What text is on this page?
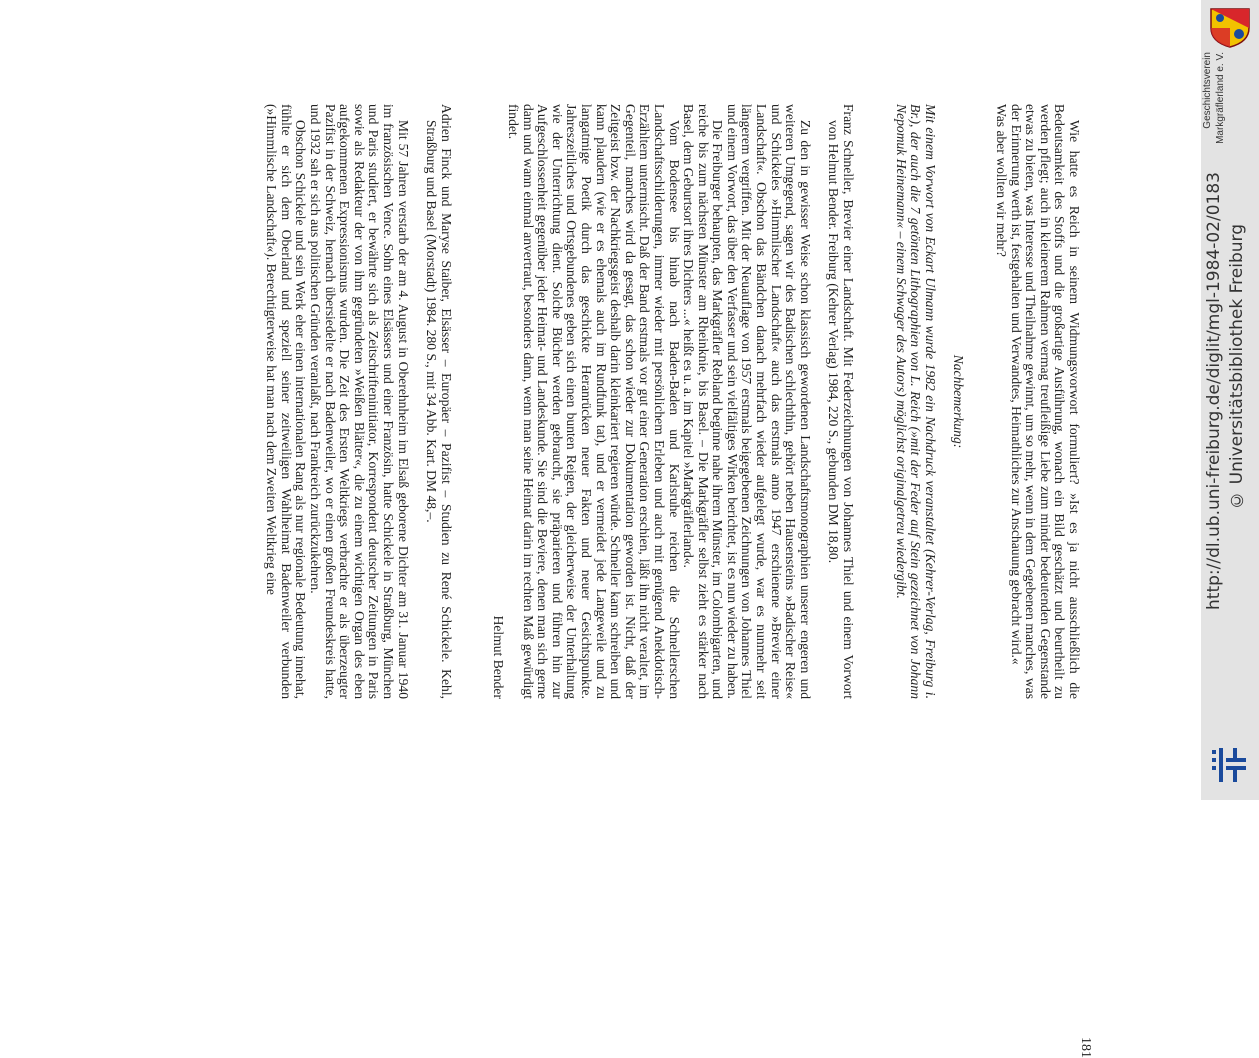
Wie hatte es Reich in seinem Widmungsvorwort formuliert? »Ist es ja nicht ausschließlich die Bedeutsamkeit des Stoffs und die großartige Ausführung, wonach ein Bild geschätzt und beurtheilt zu werden pflegt; auch in kleinerem Rahmen vermag treufleißige Liebe zum minder bedeutenden Gegenstande etwas zu bieten, was Interesse und Theilnahme gewinnt, um so mehr, wenn in dem Gegebenen manches, was der Erinnerung werth ist, festgehalten und Verwandtes, Heimathliches zur Anschauung gebracht wird.«

Was aber wollten wir mehr?

Nachbemerkung:

Mit einem Vorwort von Eckart Ulmann wurde 1982 ein Nachdruck veranstaltet (Kehrer-Verlag, Freiburg i. Br.), der auch die 7 getönten Lithographien von L. Reich (»mit der Feder auf Stein gezeichnet von Johann Nepomuk Heinemann« – einem Schwager des Autors) möglichst originalgetreu wiedergibt.

Franz Schneller, Brevier einer Landschaft. Mit Federzeichnungen von Johannes Thiel und einem Vorwort von Helmut Bender. Freiburg (Kehrer Verlag) 1984, 220 S., gebunden DM 18,80.

Zu den in gewisser Weise schon klassisch gewordenen Landschaftsmonographien unserer engeren und weiteren Umgegend, sagen wir des Badischen schlechthin, gehört neben Hausensteins »Badischer Reise« und Schickeles »Himmlischer Landschaft« auch das erstmals anno 1947 erschienene »Brevier einer Landschaft«. Obschon das Bändchen danach mehrfach wieder aufgelegt wurde, war es nunmehr seit längerem vergriffen. Mit der Neuauflage von 1957 erstmals beigegebenen Zeichnungen von Johannes Thiel und einem Vorwort, das über den Verfasser und sein vielfältiges Wirken berichtet, ist es nun wieder zu haben.

Die Freiburger behaupten, das Markgräfler Rebland beginne nahe ihrem Münster, im Colombigarten, und reiche bis zum nächsten Münster am Rheinknie, bis Basel. – Die Markgräfler selbst zieht es stärker nach Basel, dem Geburtsort ihres Dichters ...« heißt es u. a. im Kapitel »Markgräflerland«.

Vom Bodensee bis hinab nach Baden-Baden und Karlsruhe reichen die Schnellerschen Landschaftsschilderungen, immer wieder mit persönlichem Erleben und auch mit genügend Anekdotisch-Erzähltem untermischt. Daß der Band erstmals vor gut einer Generation erschien, läßt ihn nicht veraltet, im Gegenteil, manches wird da gesagt, das schon wieder zur Dokumentation geworden ist. Nicht, daß der Zeitgeist bzw. der Nachkriegsgeist deshalb darin kleinkariert regieren würde. Schneller kann schreiben und kann plaudern (wie er es ehemals auch im Rundfunk tat), und er vermeidet jede Langeweile und zu langatmige Poetik durch das geschickte Heranrücken neuer Fakten und neuer Gesichtspunkte. Jahreszeitliches und Ortsgebundenes geben sich einen bunten Reigen, der gleicherweise der Unterhaltung wie der Unterrichtung dient. Solche Bücher werden gebraucht, sie präparieren und führen hin zur Aufgeschlossenheit gegenüber jeder Heimat- und Landeskunde. Sie sind die Beviere, denen man sich gerne dann und wann einmal anvertraut, besonders dann, wenn man seine Heimat darin im rechten Maß gewürdigt findet.

Helmut Bender

Adrien Finck und Maryse Staiber, Elsässer – Europäer – Pazifist – Studien zu René Schickele. Kehl, Straßburg und Basel (Morstadt) 1984. 280 S., mit 34 Abb. Kart. DM 48,–.

Mit 57 Jahren verstarb der am 4. August in Oberehnheim im Elsaß geborene Dichter am 31. Januar 1940 im französischen Vence. Sohn eines Elsässers und einer Französin, hatte Schickele in Straßburg, München und Paris studiert, er bewährte sich als Zeitschrifteninitiator, Korrespondent deutscher Zeitungen in Paris sowie als Redakteur der von ihm gegründeten »Weißen Blätter«, die zu einem wichtigen Organ des eben aufgekommenen Expressionismus wurden. Die Zeit des Ersten Weltkriegs verbrachte er als überzeugter Pazifist in der Schweiz, hernach übersiedelte er nach Badenweiler, wo er einen großen Freundeskreis hatte, und 1932 sah er sich aus politischen Gründen veranlaßt, nach Frankreich zurückzukehren.

Obschon Schickele und sein Werk eher einen internationalen Rang als nur regionale Bedeutung innehat, fühlte er sich dem Oberland und speziell seiner zeitweiligen Wahlheimat Badenweiler verbunden (»Himmlische Landschaft«). Berechtigterweise hat man nach dem Zweiten Weltkrieg eine

181
Geschichtsverein Markgräflerland e. V.
© Universitätsbibliothek Freiburg
http://dl.ub.uni-freiburg.de/diglit/mgl-1984-02/0183
